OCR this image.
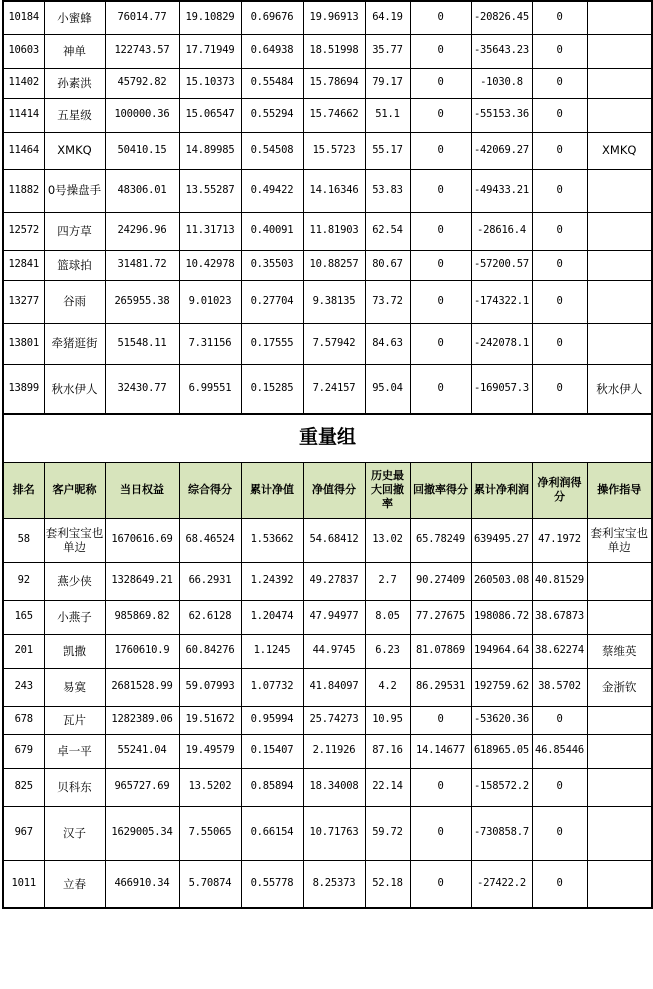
10184	小蜜蜂	76014.77	19.10829	0.69676	19.96913	64.19	0	-20826.45	0	
10603	神单	122743.57	17.71949	0.64938	18.51998	35.77	0	-35643.23	0	
11402	孙素洪	45792.82	15.10373	0.55484	15.78694	79.17	0	-1030.8	0	
11414	五星级	100000.36	15.06547	0.55294	15.74662	51.1	0	-55153.36	0	
11464	XMKQ	50410.15	14.89985	0.54508	15.5723	55.17	0	-42069.27	0	XMKQ
11882	0号操盘手	48306.01	13.55287	0.49422	14.16346	53.83	0	-49433.21	0	
12572	四方草	24296.96	11.31713	0.40091	11.81903	62.54	0	-28616.4	0	
12841	篮球拍	31481.72	10.42978	0.35503	10.88257	80.67	0	-57200.57	0	
13277	谷雨	265955.38	9.01023	0.27704	9.38135	73.72	0	-174322.1	0	
13801	牵猪逛街	51548.11	7.31156	0.17555	7.57942	84.63	0	-242078.1	0	
13899	秋水伊人	32430.77	6.99551	0.15285	7.24157	95.04	0	-169057.3	0	秋水伊人
重量组										
排名	客户昵称	当日权益	综合得分	累计净值	净值得分	历史最大回撤率	回撤率得分	累计净利润	净利润得分	操作指导
58	套利宝宝也单边	1670616.69	68.46524	1.53662	54.68412	13.02	65.78249	639495.27	47.1972	套利宝宝也单边
92	燕少侠	1328649.21	66.2931	1.24392	49.27837	2.7	90.27409	260503.08	40.81529	
165	小燕子	985869.82	62.6128	1.20474	47.94977	8.05	77.27675	198086.72	38.67873	
201	凯撒	1760610.9	60.84276	1.1245	44.9745	6.23	81.07869	194964.64	38.62274	蔡维英
243	易寞	2681528.99	59.07993	1.07732	41.84097	4.2	86.29531	192759.62	38.5702	金浙钦
678	瓦片	1282389.06	19.51672	0.95994	25.74273	10.95	0	-53620.36	0	
679	卓一平	55241.04	19.49579	0.15407	2.11926	87.16	14.14677	618965.05	46.85446	
825	贝科东	965727.69	13.5202	0.85894	18.34008	22.14	0	-158572.2	0	
967	汉子	1629005.34	7.55065	0.66154	10.71763	59.72	0	-730858.7	0	
1011	立春	466910.34	5.70874	0.55778	8.25373	52.18	0	-27422.2	0	
